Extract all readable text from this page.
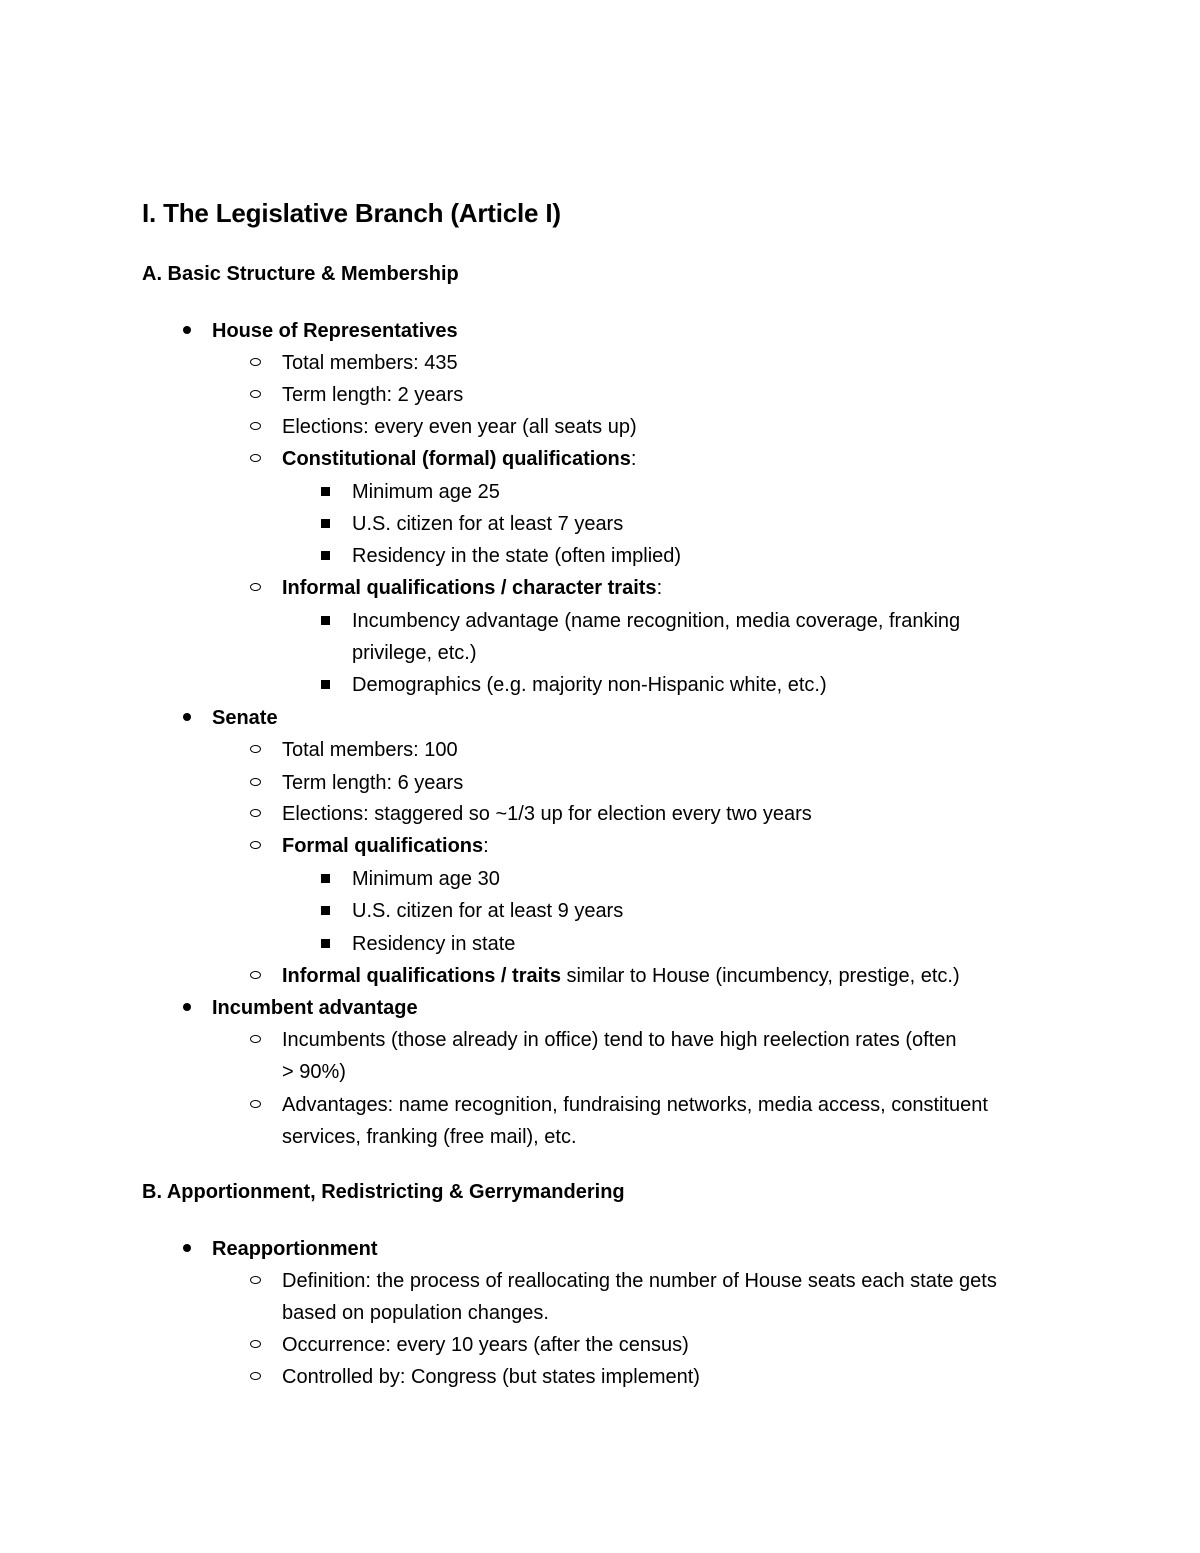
I. The Legislative Branch (Article I)
A. Basic Structure & Membership
House of Representatives
Total members: 435
Term length: 2 years
Elections: every even year (all seats up)
Constitutional (formal) qualifications:
Minimum age 25
U.S. citizen for at least 7 years
Residency in the state (often implied)
Informal qualifications / character traits:
Incumbency advantage (name recognition, media coverage, franking
privilege, etc.)
Demographics (e.g. majority non-Hispanic white, etc.)
Senate
Total members: 100
Term length: 6 years
Elections: staggered so ~1/3 up for election every two years
Formal qualifications:
Minimum age 30
U.S. citizen for at least 9 years
Residency in state
Informal qualifications / traits similar to House (incumbency, prestige, etc.)
Incumbent advantage
Incumbents (those already in office) tend to have high reelection rates (often
> 90%)
Advantages: name recognition, fundraising networks, media access, constituent
services, franking (free mail), etc.
B. Apportionment, Redistricting & Gerrymandering
Reapportionment
Definition: the process of reallocating the number of House seats each state gets
based on population changes.
Occurrence: every 10 years (after the census)
Controlled by: Congress (but states implement)
